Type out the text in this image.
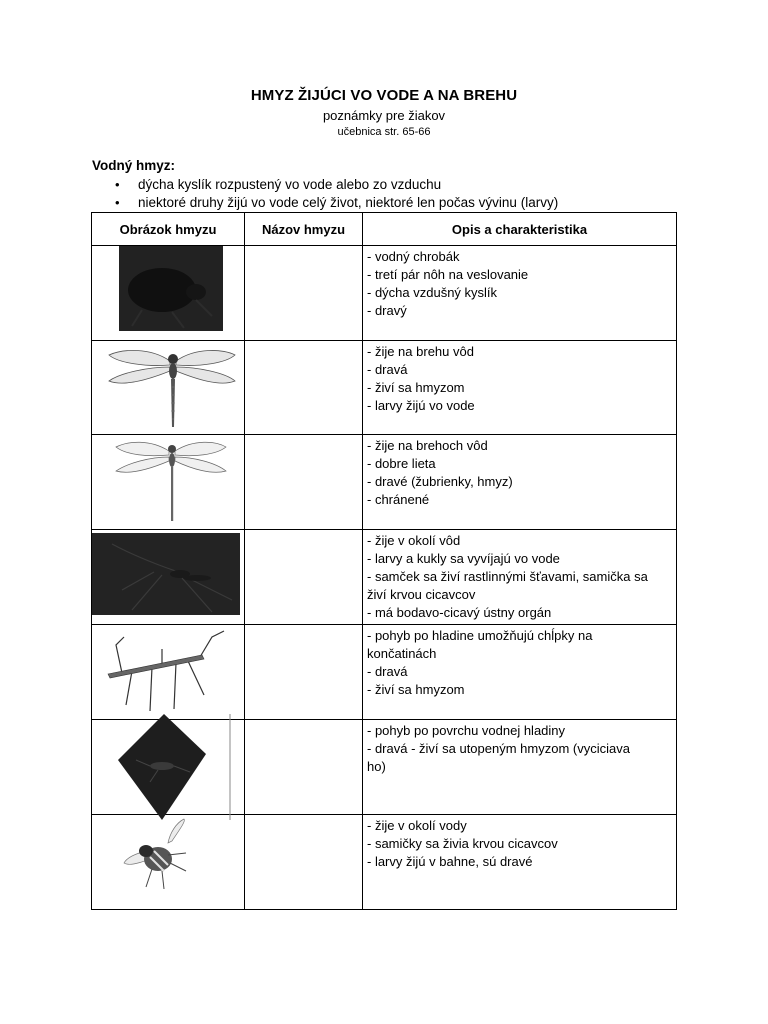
HMYZ ŽIJÚCI VO VODE A NA BREHU
poznámky pre žiakov
učebnica str. 65-66
Vodný hmyz:
• dýcha kyslík rozpustený vo vode alebo zo vzduchu
• niektoré druhy žijú vo vode celý život, niektoré len počas vývinu (larvy)
Obrázok hmyzu	Názov hmyzu	Opis a charakteristika

- vodný chrobák
- tretí pár nôh na veslovanie
- dýcha vzdušný kyslík
- dravý

- žije na brehu vôd
- dravá
- živí sa hmyzom
- larvy žijú vo vode

- žije na brehoch vôd
- dobre lieta
- dravé (žubrienky, hmyz)
- chránené

- žije v okolí vôd
- larvy a kukly sa vyvíjajú vo vode
- samček sa živí rastlinnými šťavami, samička sa
živí krvou cicavcov
- má bodavo-cicavý ústny orgán

- pohyb po hladine umožňujú chĺpky na
končatinách
- dravá
- živí sa hmyzom

- pohyb po povrchu vodnej hladiny
- dravá - živí sa utopeným hmyzom (vyciciava
ho)

- žije v okolí vody
- samičky sa živia krvou cicavcov
- larvy žijú v bahne, sú dravé
